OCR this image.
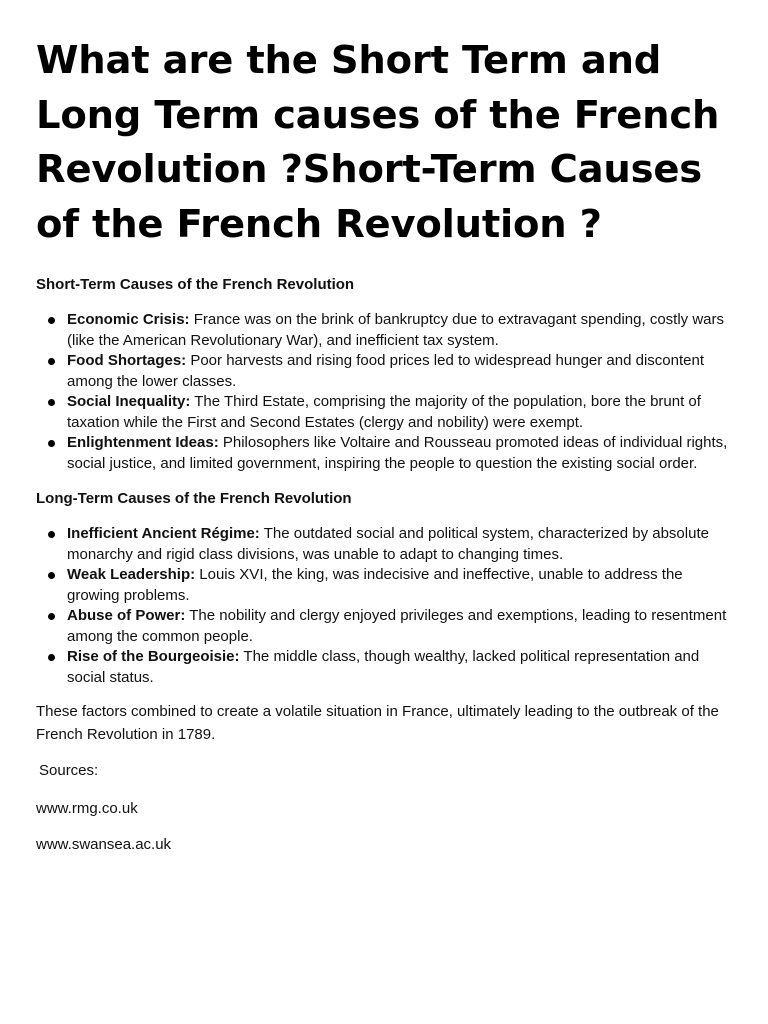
What are the Short Term and Long Term causes of the French Revolution ?Short-Term Causes of the French Revolution ?
Short-Term Causes of the French Revolution
Economic Crisis: France was on the brink of bankruptcy due to extravagant spending, costly wars (like the American Revolutionary War), and inefficient tax system.
Food Shortages: Poor harvests and rising food prices led to widespread hunger and discontent among the lower classes.
Social Inequality: The Third Estate, comprising the majority of the population, bore the brunt of taxation while the First and Second Estates (clergy and nobility) were exempt.
Enlightenment Ideas: Philosophers like Voltaire and Rousseau promoted ideas of individual rights, social justice, and limited government, inspiring the people to question the existing social order.
Long-Term Causes of the French Revolution
Inefficient Ancient Régime: The outdated social and political system, characterized by absolute monarchy and rigid class divisions, was unable to adapt to changing times.
Weak Leadership: Louis XVI, the king, was indecisive and ineffective, unable to address the growing problems.
Abuse of Power: The nobility and clergy enjoyed privileges and exemptions, leading to resentment among the common people.
Rise of the Bourgeoisie: The middle class, though wealthy, lacked political representation and social status.

These factors combined to create a volatile situation in France, ultimately leading to the outbreak of the French Revolution in 1789.

Sources:

www.rmg.co.uk
www.swansea.ac.uk
